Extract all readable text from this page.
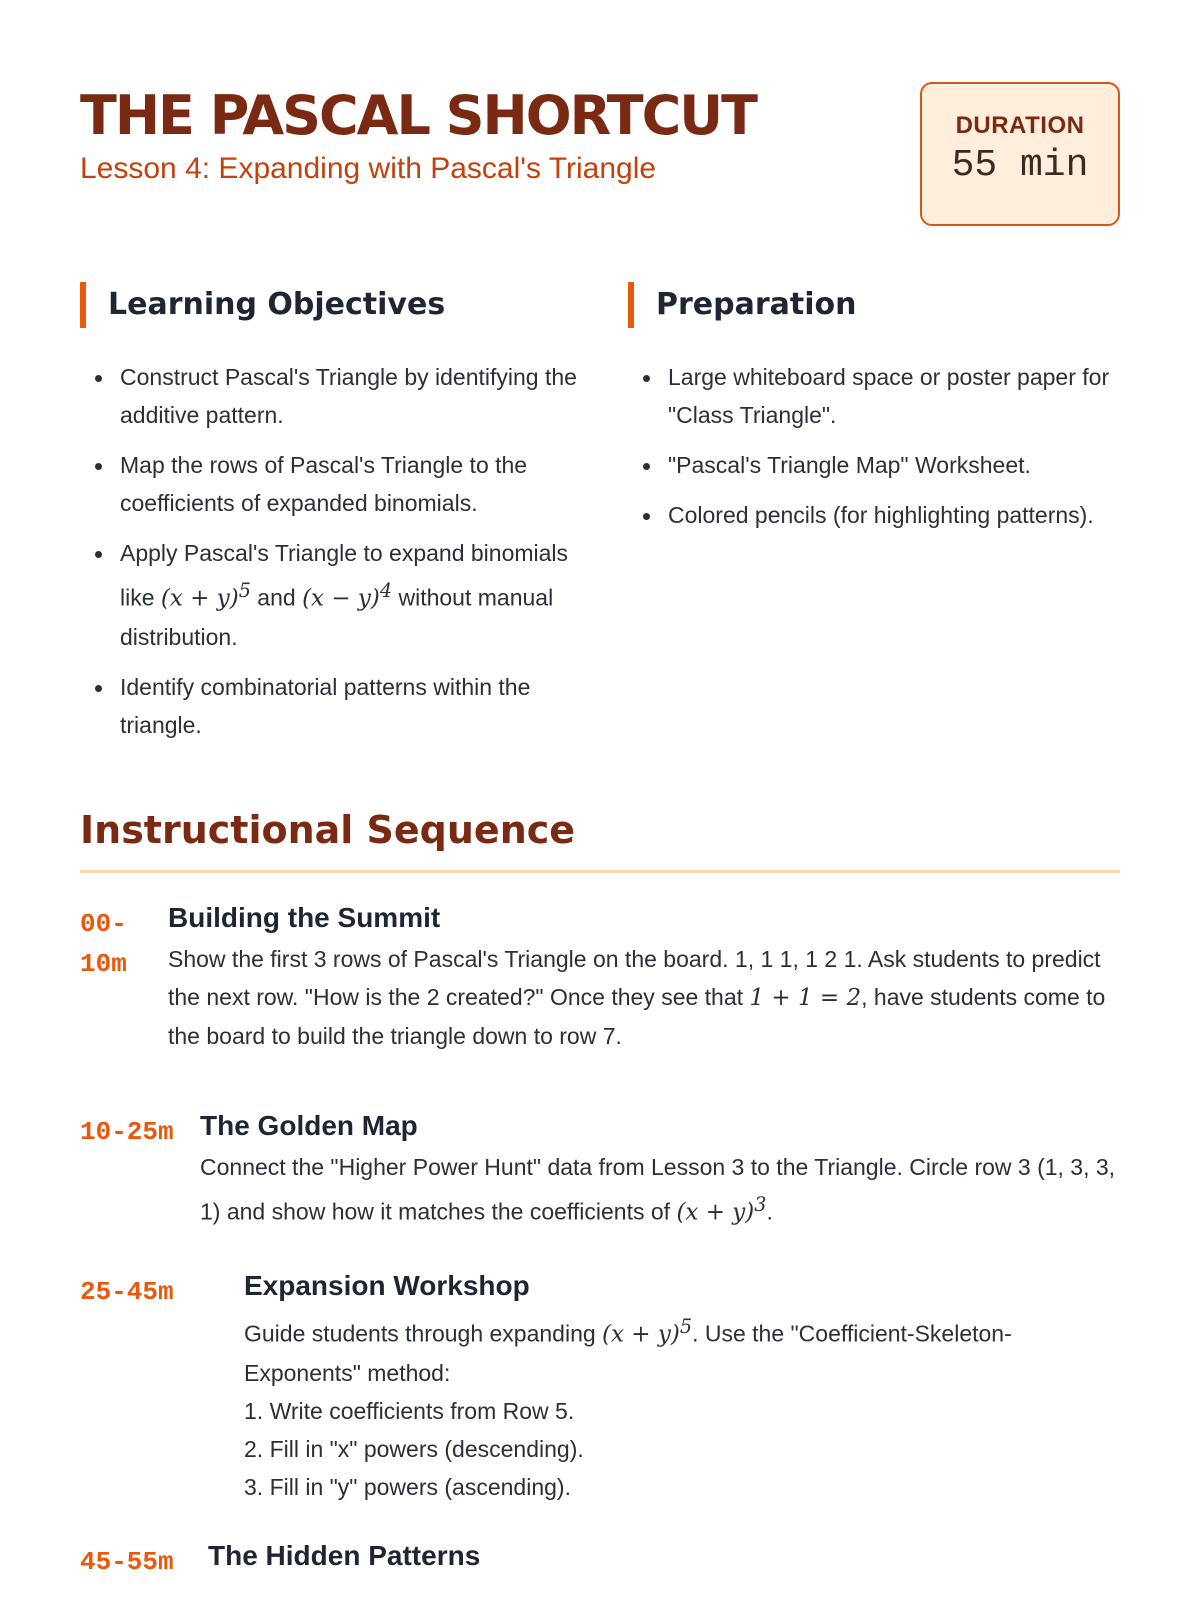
THE PASCAL SHORTCUT
Lesson 4: Expanding with Pascal's Triangle
DURATION
55 min
Learning Objectives
Construct Pascal's Triangle by identifying the additive pattern.
Map the rows of Pascal's Triangle to the coefficients of expanded binomials.
Apply Pascal's Triangle to expand binomials like $(x + y)^5$ and $(x - y)^4$ without manual distribution.
Identify combinatorial patterns within the triangle.
Preparation
Large whiteboard space or poster paper for "Class Triangle".
"Pascal's Triangle Map" Worksheet.
Colored pencils (for highlighting patterns).
Instructional Sequence
00-10m
Building the Summit
Show the first 3 rows of Pascal's Triangle on the board. 1, 1 1, 1 2 1. Ask students to predict the next row. "How is the 2 created?" Once they see that 1 + 1 = 2, have students come to the board to build the triangle down to row 7.
10-25m The Golden Map
Connect the "Higher Power Hunt" data from Lesson 3 to the Triangle. Circle row 3 (1, 3, 3, 1) and show how it matches the coefficients of $(x + y)^3$.
25-45m	Expansion Workshop
Guide students through expanding $(x + y)^5$. Use the "Coefficient-Skeleton-Exponents" method:
1. Write coefficients from Row 5.
2. Fill in "x" powers (descending).
3. Fill in "y" powers (ascending).
45-55m The Hidden Patterns
